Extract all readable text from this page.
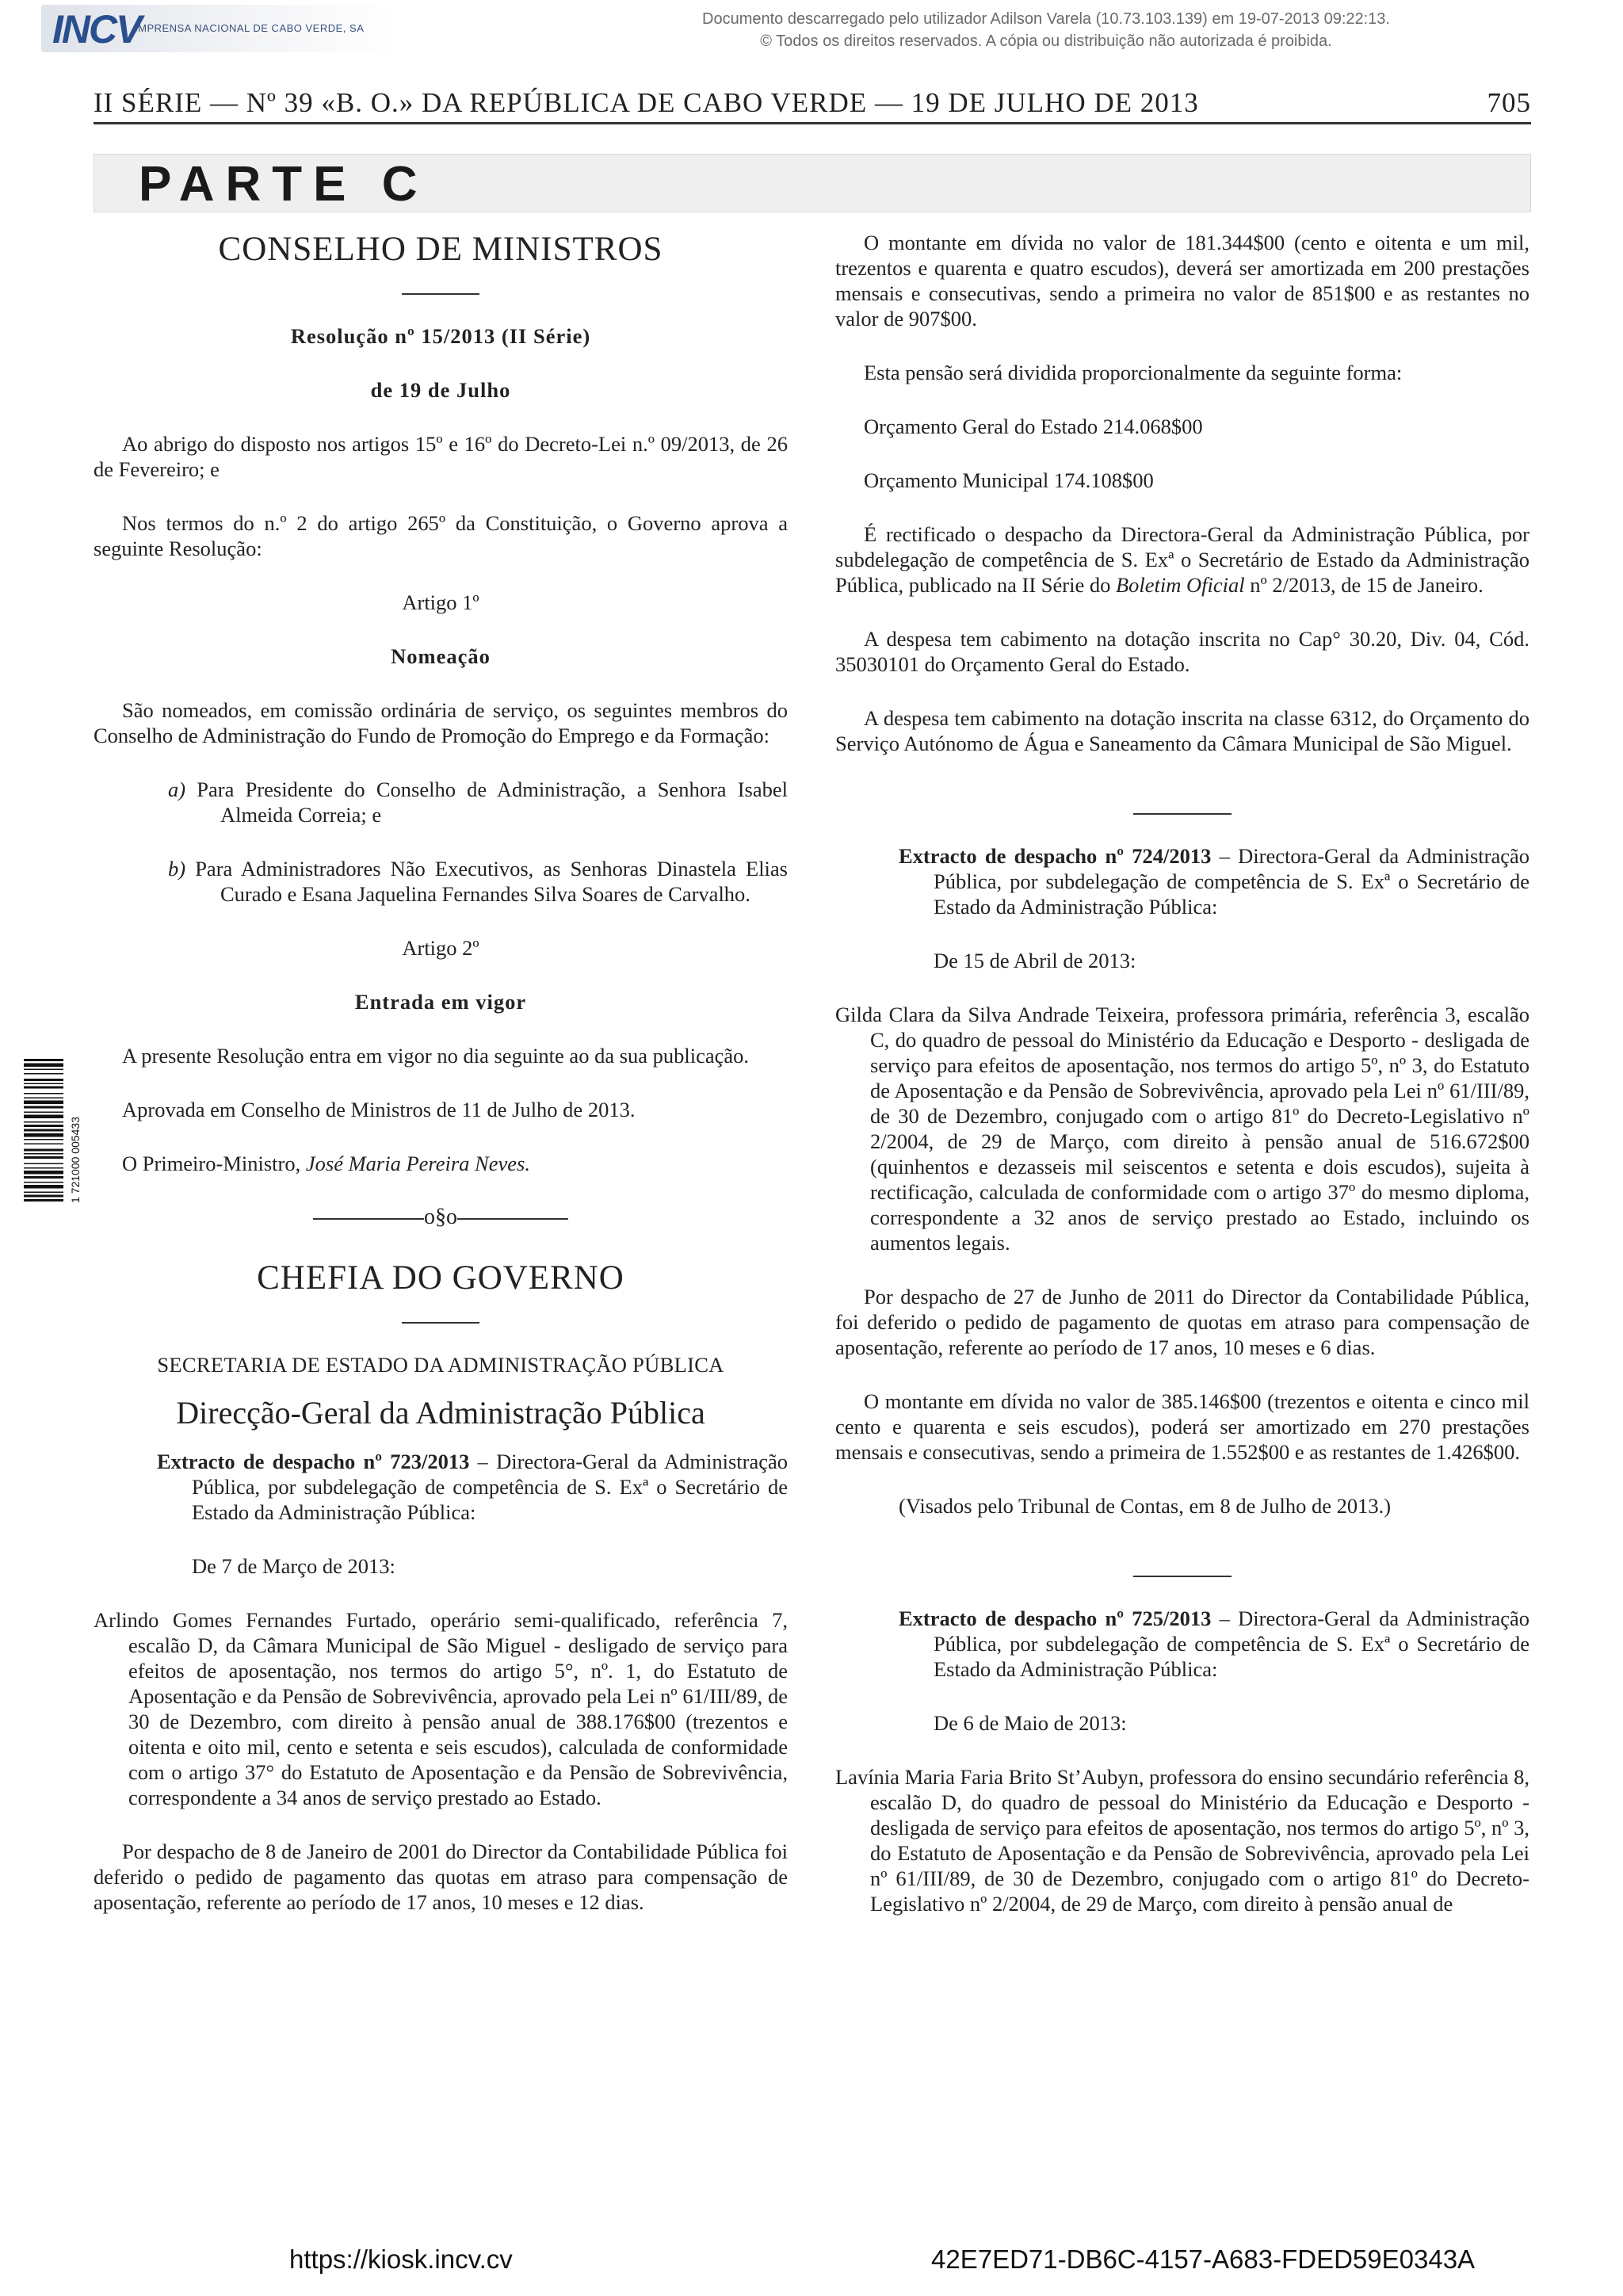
INCV
IMPRENSA NACIONAL DE CABO VERDE, SA
Documento descarregado pelo utilizador Adilson Varela (10.73.103.139) em 19-07-2013 09:22:13.
© Todos os direitos reservados. A cópia ou distribuição não autorizada é proibida.
II SÉRIE — Nº 39 «B. O.» DA REPÚBLICA DE CABO VERDE — 19 DE JULHO DE 2013	705
PARTE C

CONSELHO DE MINISTROS

Resolução nº 15/2013 (II Série)

de 19 de Julho

Ao abrigo do disposto nos artigos 15º e 16º do Decreto-Lei n.º 09/2013, de 26 de Fevereiro; e

Nos termos do n.º 2 do artigo 265º da Constituição, o Governo aprova a seguinte Resolução:

Artigo 1º

Nomeação

São nomeados, em comissão ordinária de serviço, os seguintes membros do Conselho de Administração do Fundo de Promoção do Emprego e da Formação:

a) Para Presidente do Conselho de Administração, a Senhora Isabel Almeida Correia; e

b) Para Administradores Não Executivos, as Senhoras Dinastela Elias Curado e Esana Jaquelina Fernandes Silva Soares de Carvalho.

Artigo 2º

Entrada em vigor

A presente Resolução entra em vigor no dia seguinte ao da sua publicação.

Aprovada em Conselho de Ministros de 11 de Julho de 2013.

O Primeiro-Ministro, José Maria Pereira Neves.

o§o

CHEFIA DO GOVERNO

SECRETARIA DE ESTADO DA ADMINISTRAÇÃO PÚBLICA

Direcção-Geral da Administração Pública

Extracto de despacho nº 723/2013 – Directora-Geral da Administração Pública, por subdelegação de competência de S. Exª o Secretário de Estado da Administração Pública:

De 7 de Março de 2013:

Arlindo Gomes Fernandes Furtado, operário semi-qualificado, referência 7, escalão D, da Câmara Municipal de São Miguel - desligado de serviço para efeitos de aposentação, nos termos do artigo 5°, nº. 1, do Estatuto de Aposentação e da Pensão de Sobrevivência, aprovado pela Lei nº 61/III/89, de 30 de Dezembro, com direito à pensão anual de 388.176$00 (trezentos e oitenta e oito mil, cento e setenta e seis escudos), calculada de conformidade com o artigo 37° do Estatuto de Aposentação e da Pensão de Sobrevivência, correspondente a 34 anos de serviço prestado ao Estado.

Por despacho de 8 de Janeiro de 2001 do Director da Contabilidade Pública foi deferido o pedido de pagamento das quotas em atraso para compensação de aposentação, referente ao período de 17 anos, 10 meses e 12 dias.

O montante em dívida no valor de 181.344$00 (cento e oitenta e um mil, trezentos e quarenta e quatro escudos), deverá ser amortizada em 200 prestações mensais e consecutivas, sendo a primeira no valor de 851$00 e as restantes no valor de 907$00.

Esta pensão será dividida proporcionalmente da seguinte forma:

Orçamento Geral do Estado 214.068$00

Orçamento Municipal 174.108$00

É rectificado o despacho da Directora-Geral da Administração Pública, por subdelegação de competência de S. Exª o Secretário de Estado da Administração Pública, publicado na II Série do Boletim Oficial nº 2/2013, de 15 de Janeiro.

A despesa tem cabimento na dotação inscrita no Cap° 30.20, Div. 04, Cód. 35030101 do Orçamento Geral do Estado.

A despesa tem cabimento na dotação inscrita na classe 6312, do Orçamento do Serviço Autónomo de Água e Saneamento da Câmara Municipal de São Miguel.

Extracto de despacho nº 724/2013 – Directora-Geral da Administração Pública, por subdelegação de competência de S. Exª o Secretário de Estado da Administração Pública:

De 15 de Abril de 2013:

Gilda Clara da Silva Andrade Teixeira, professora primária, referência 3, escalão C, do quadro de pessoal do Ministério da Educação e Desporto - desligada de serviço para efeitos de aposentação, nos termos do artigo 5º, nº 3, do Estatuto de Aposentação e da Pensão de Sobrevivência, aprovado pela Lei nº 61/III/89, de 30 de Dezembro, conjugado com o artigo 81º do Decreto-Legislativo nº 2/2004, de 29 de Março, com direito à pensão anual de 516.672$00 (quinhentos e dezasseis mil seiscentos e setenta e dois escudos), sujeita à rectificação, calculada de conformidade com o artigo 37º do mesmo diploma, correspondente a 32 anos de serviço prestado ao Estado, incluindo os aumentos legais.

Por despacho de 27 de Junho de 2011 do Director da Contabilidade Pública, foi deferido o pedido de pagamento de quotas em atraso para compensação de aposentação, referente ao período de 17 anos, 10 meses e 6 dias.

O montante em dívida no valor de 385.146$00 (trezentos e oitenta e cinco mil cento e quarenta e seis escudos), poderá ser amortizado em 270 prestações mensais e consecutivas, sendo a primeira de 1.552$00 e as restantes de 1.426$00.

(Visados pelo Tribunal de Contas, em 8 de Julho de 2013.)

Extracto de despacho nº 725/2013 – Directora-Geral da Administração Pública, por subdelegação de competência de S. Exª o Secretário de Estado da Administração Pública:

De 6 de Maio de 2013:

Lavínia Maria Faria Brito St’Aubyn, professora do ensino secundário referência 8, escalão D, do quadro de pessoal do Ministério da Educação e Desporto - desligada de serviço para efeitos de aposentação, nos termos do artigo 5º, nº 3, do Estatuto de Aposentação e da Pensão de Sobrevivência, aprovado pela Lei nº 61/III/89, de 30 de Dezembro, conjugado com o artigo 81º do Decreto-Legislativo nº 2/2004, de 29 de Março, com direito à pensão anual de

1 721000 005433
https://kiosk.incv.cv	42E7ED71-DB6C-4157-A683-FDED59E0343A
